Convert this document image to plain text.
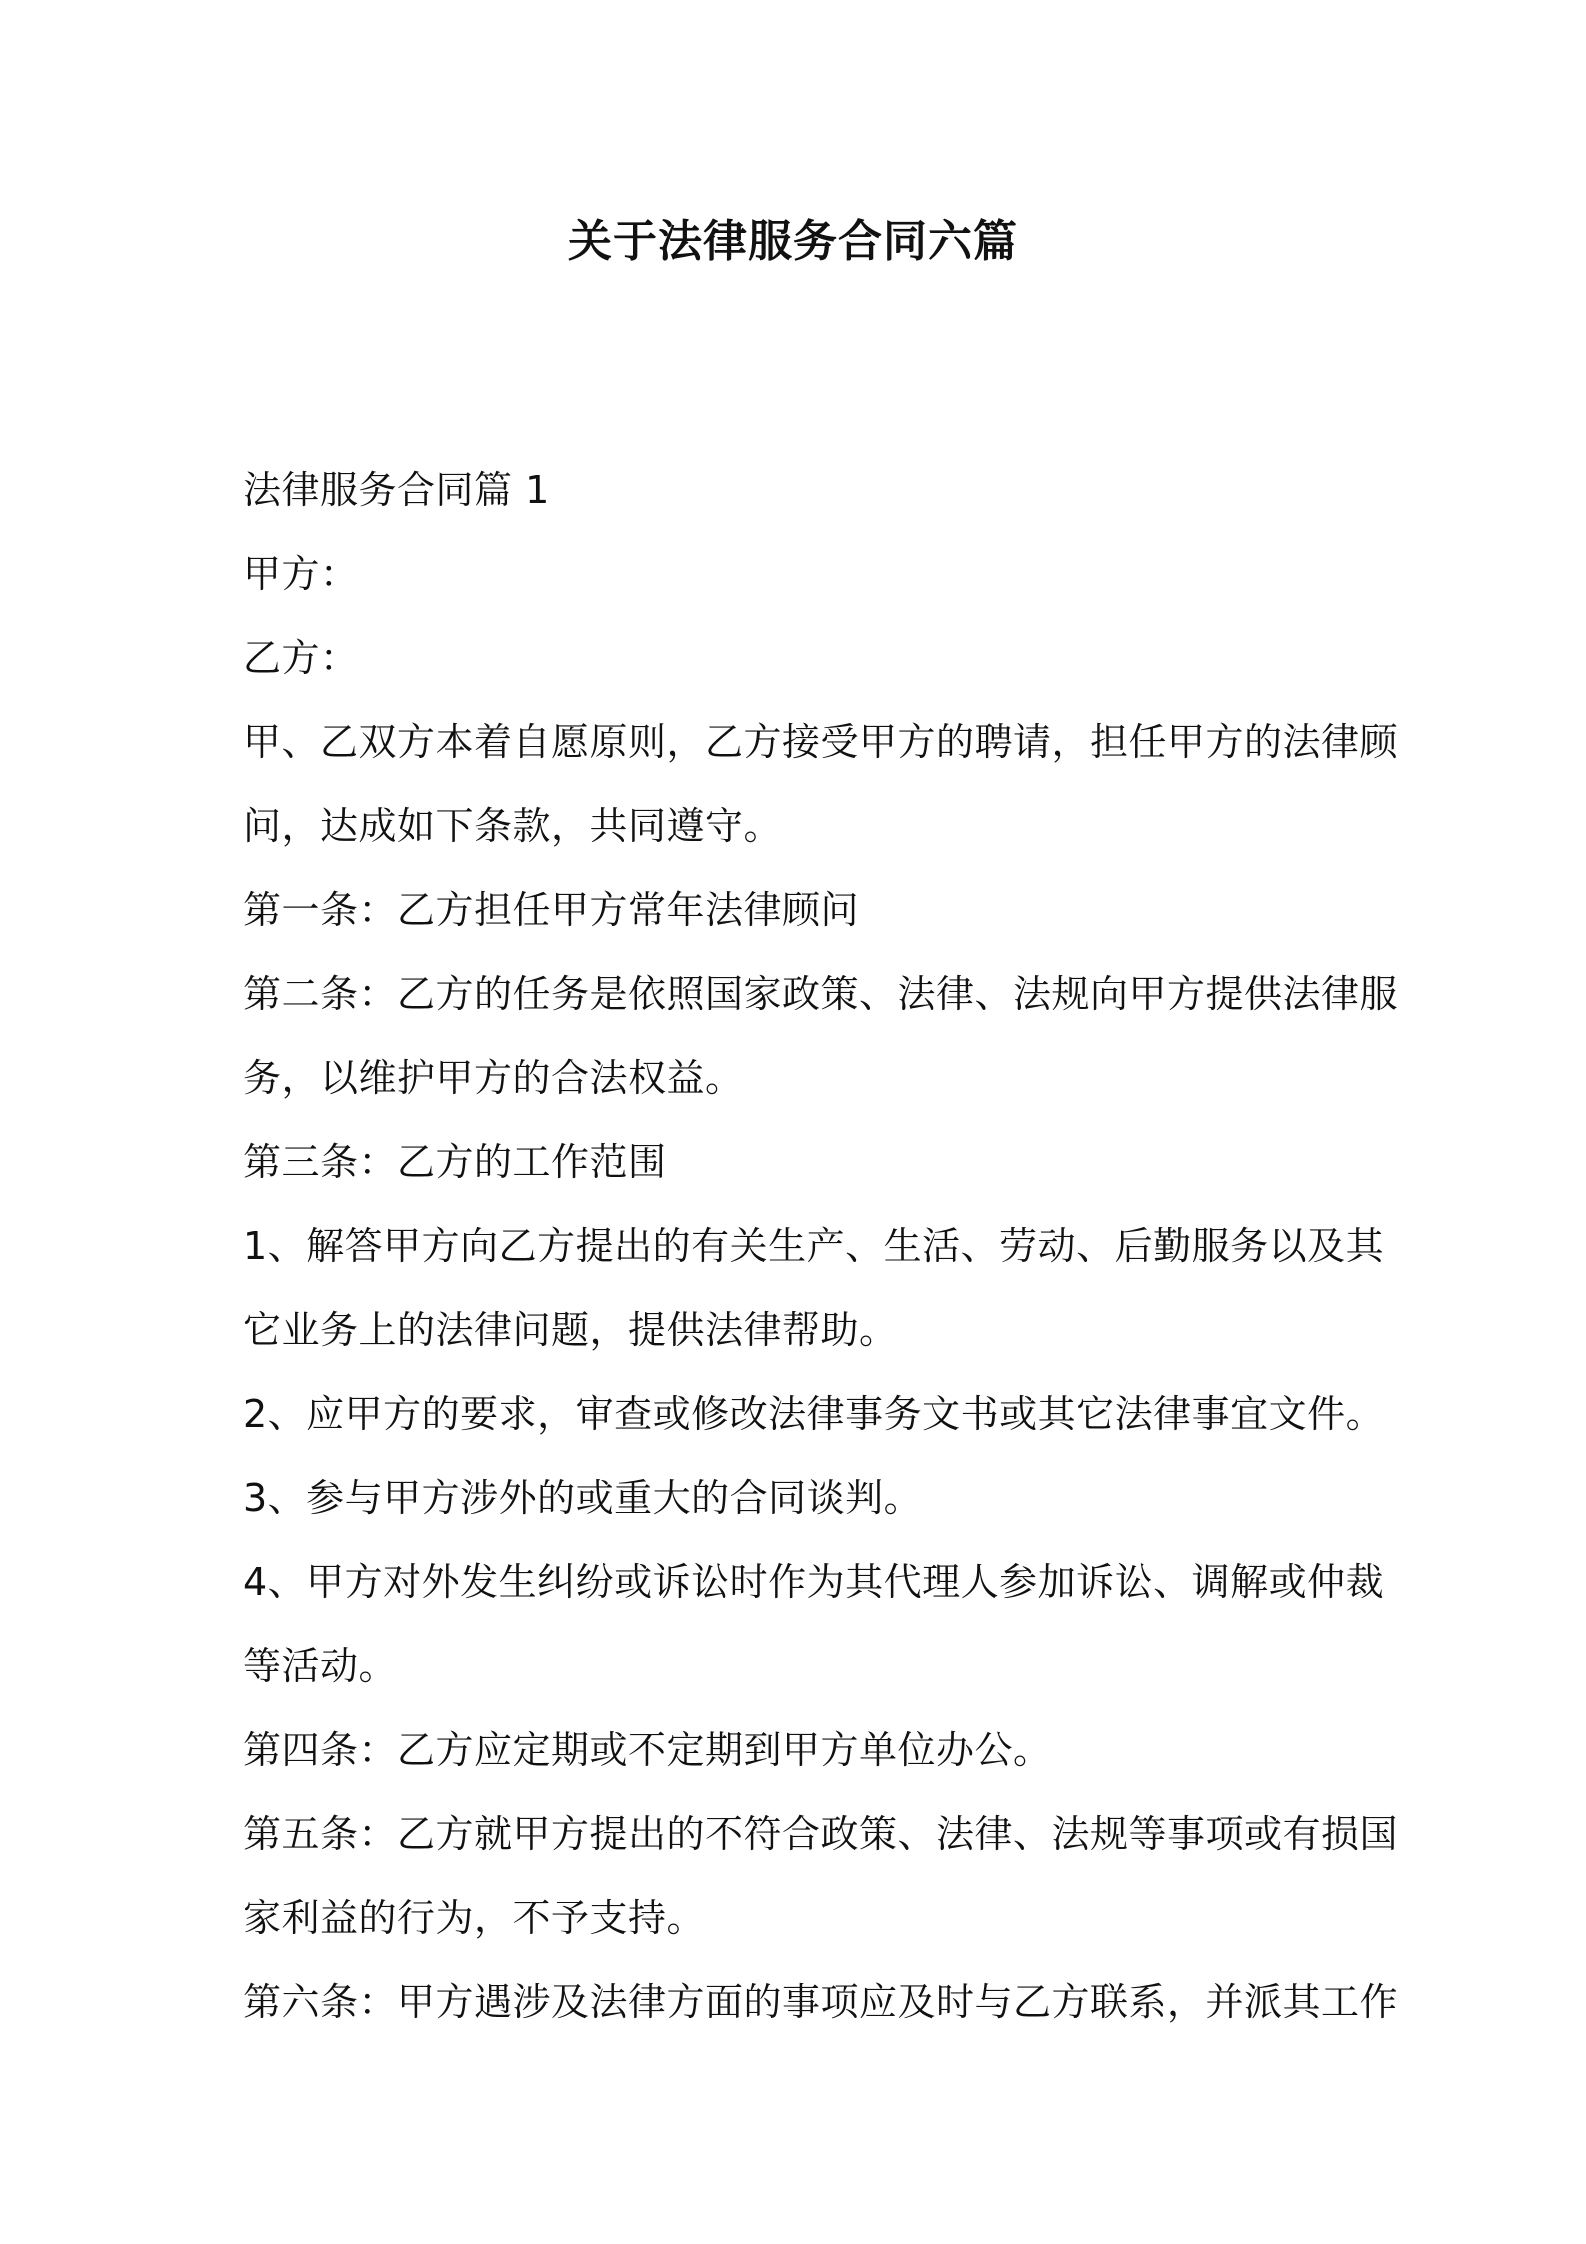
关于法律服务合同六篇

法律服务合同篇 1

甲方：

乙方：

甲、乙双方本着自愿原则，乙方接受甲方的聘请，担任甲方的法律顾

问，达成如下条款，共同遵守。

第一条：乙方担任甲方常年法律顾问

第二条：乙方的任务是依照国家政策、法律、法规向甲方提供法律服

务，以维护甲方的合法权益。

第三条：乙方的工作范围

1、解答甲方向乙方提出的有关生产、生活、劳动、后勤服务以及其

它业务上的法律问题，提供法律帮助。

2、应甲方的要求，审查或修改法律事务文书或其它法律事宜文件。

3、参与甲方涉外的或重大的合同谈判。

4、甲方对外发生纠纷或诉讼时作为其代理人参加诉讼、调解或仲裁

等活动。

第四条：乙方应定期或不定期到甲方单位办公。

第五条：乙方就甲方提出的不符合政策、法律、法规等事项或有损国

家利益的行为，不予支持。

第六条：甲方遇涉及法律方面的事项应及时与乙方联系，并派其工作
